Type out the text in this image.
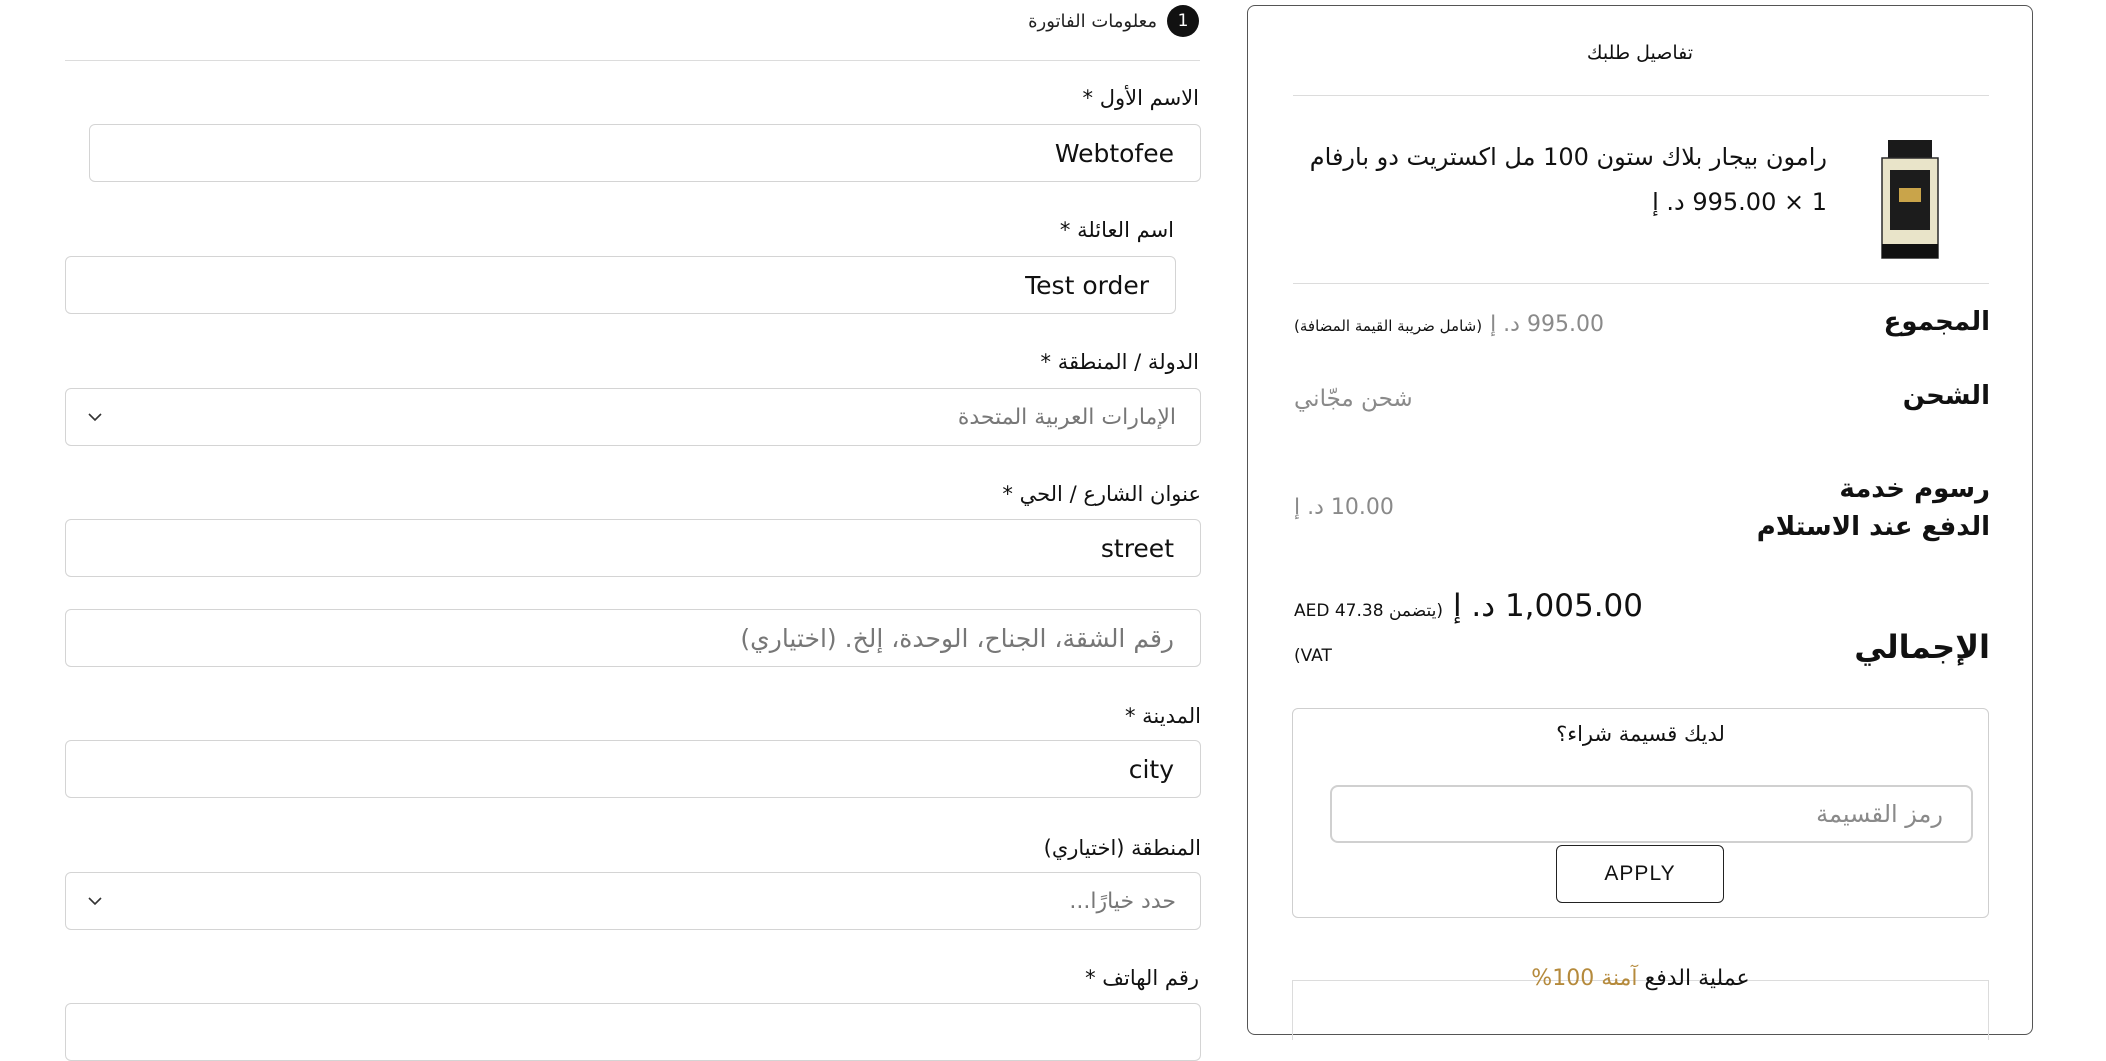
1
معلومات الفاتورة
الاسم الأول *
Webtofee
اسم العائلة *
Test order
الدولة / المنطقة *
الإمارات العربية المتحدة
عنوان الشارع / الحي *
street
رقم الشقة، الجناح، الوحدة، إلخ. (اختياري)
المدينة *
city
المنطقة (اختياري)
حدد خيارًا...
رقم الهاتف *
تفاصيل طلبك
رامون بيجار بلاك ستون 100 مل اكستريت دو بارفام
1 × 995.00 د. إ
المجموع
995.00 د. إ
(شامل ضريبة القيمة المضافة)
الشحن
شحن مجّاني
رسوم خدمة
الدفع عند الاستلام
10.00 د. إ
الإجمالي
1,005.00 د. إ
(يتضمن AED 47.38
VAT)
لديك قسيمة شراء؟
رمز القسيمة
APPLY
عملية الدفع آمنة 100%
